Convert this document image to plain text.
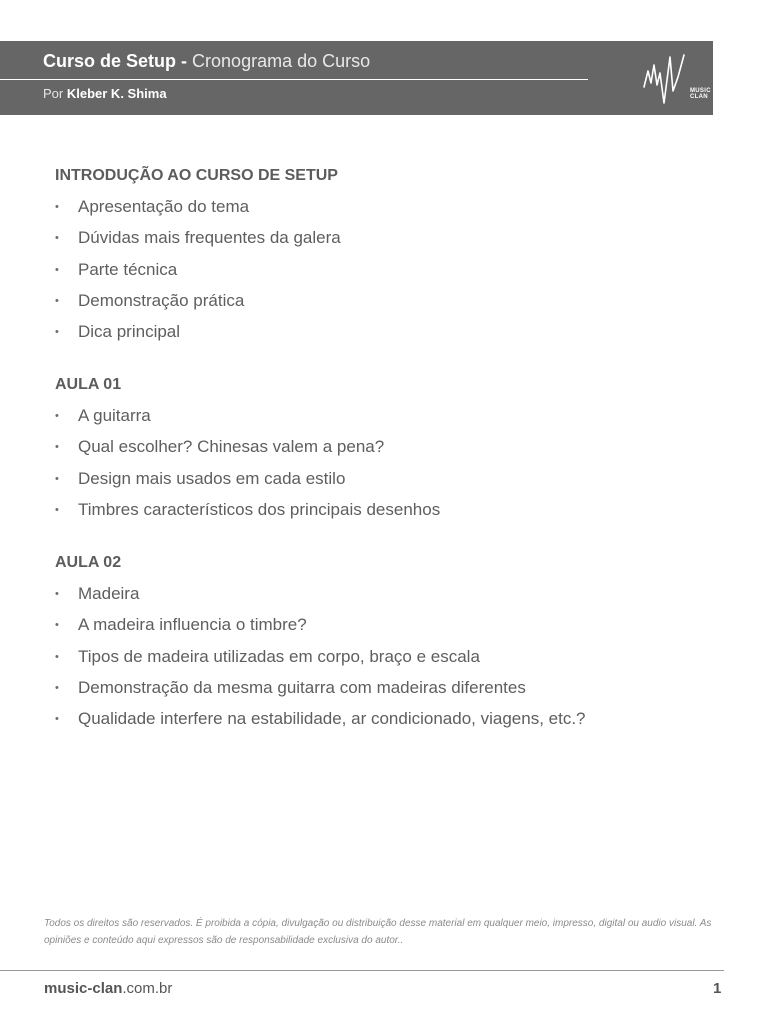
Curso de Setup - Cronograma do Curso
Por Kleber K. Shima	MUSIC
CLAN
INTRODUÇÃO AO CURSO DE SETUP
• Apresentação do tema
• Dúvidas mais frequentes da galera
• Parte técnica
• Demonstração prática
• Dica principal
AULA 01
• A guitarra
• Qual escolher? Chinesas valem a pena?
• Design mais usados em cada estilo
• Timbres característicos dos principais desenhos
AULA 02
• Madeira
• A madeira influencia o timbre?
• Tipos de madeira utilizadas em corpo, braço e escala
• Demonstração da mesma guitarra com madeiras diferentes
• Qualidade interfere na estabilidade, ar condicionado, viagens, etc.?
Todos os direitos são reservados. É proibida a cópia, divulgação ou distribuição desse material em qualquer meio, impresso, digital ou audio visual. As opiniões e conteúdo aqui expressos são de responsabilidade exclusiva do autor..
music-clan.com.br	1
